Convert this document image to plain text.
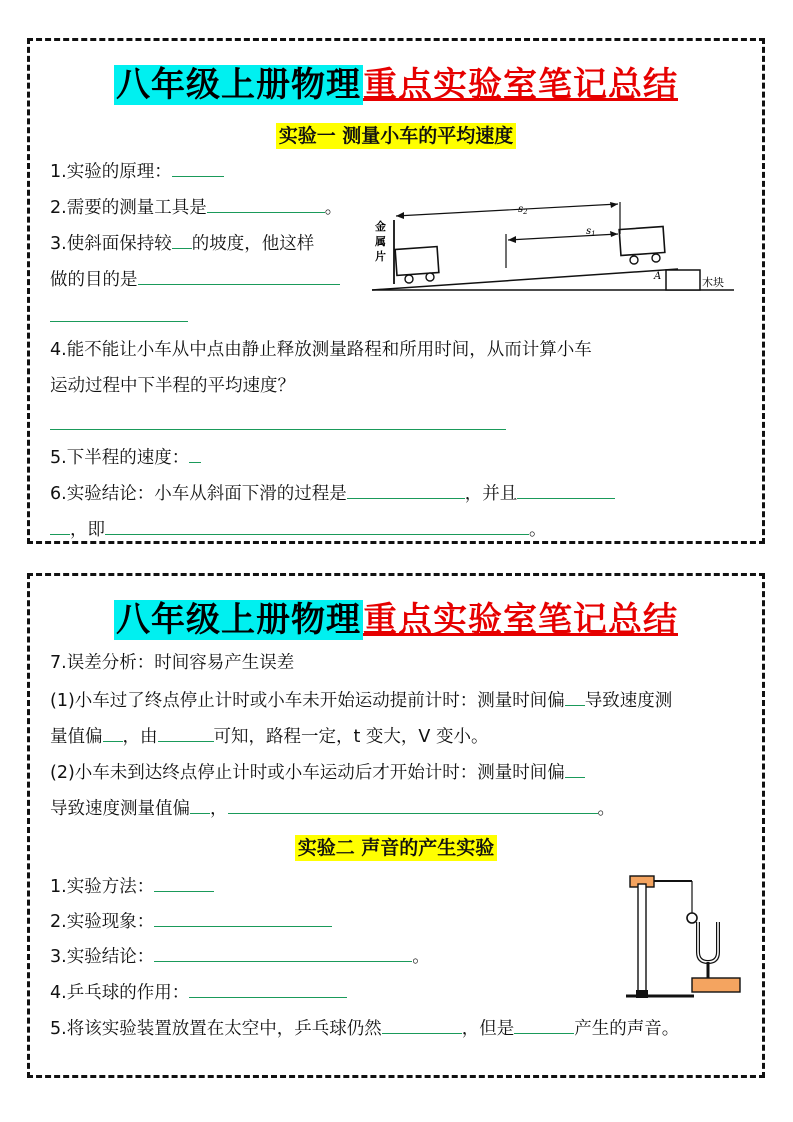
八年级上册物理重点实验室笔记总结
实验一 测量小车的平均速度
1.实验的原理：
2.需要的测量工具是	。
3.使斜面保持较 的坡度，他这样
做的目的是
4.能不能让小车从中点由静止释放测量路程和所用时间，从而计算小车
运动过程中下半程的平均速度？
5.下半程的速度：
6.实验结论：小车从斜面下滑的过程是	，并且
，即	。
$s_2$
$s_1$
金
属
片
A	木块
八年级上册物理重点实验室笔记总结
7.误差分析：时间容易产生误差
(1)小车过了终点停止计时或小车未开始运动提前计时：测量时间偏 导致速度测
量值偏 ，由	可知，路程一定，t 变大，V 变小。
(2)小车未到达终点停止计时或小车运动后才开始计时：测量时间偏
导致速度测量值偏 ，	。
实验二 声音的产生实验
1.实验方法：
2.实验现象：
3.实验结论：	。
4.乒乓球的作用：
5.将该实验装置放置在太空中，乒乓球仍然	，但是	产生的声音。
